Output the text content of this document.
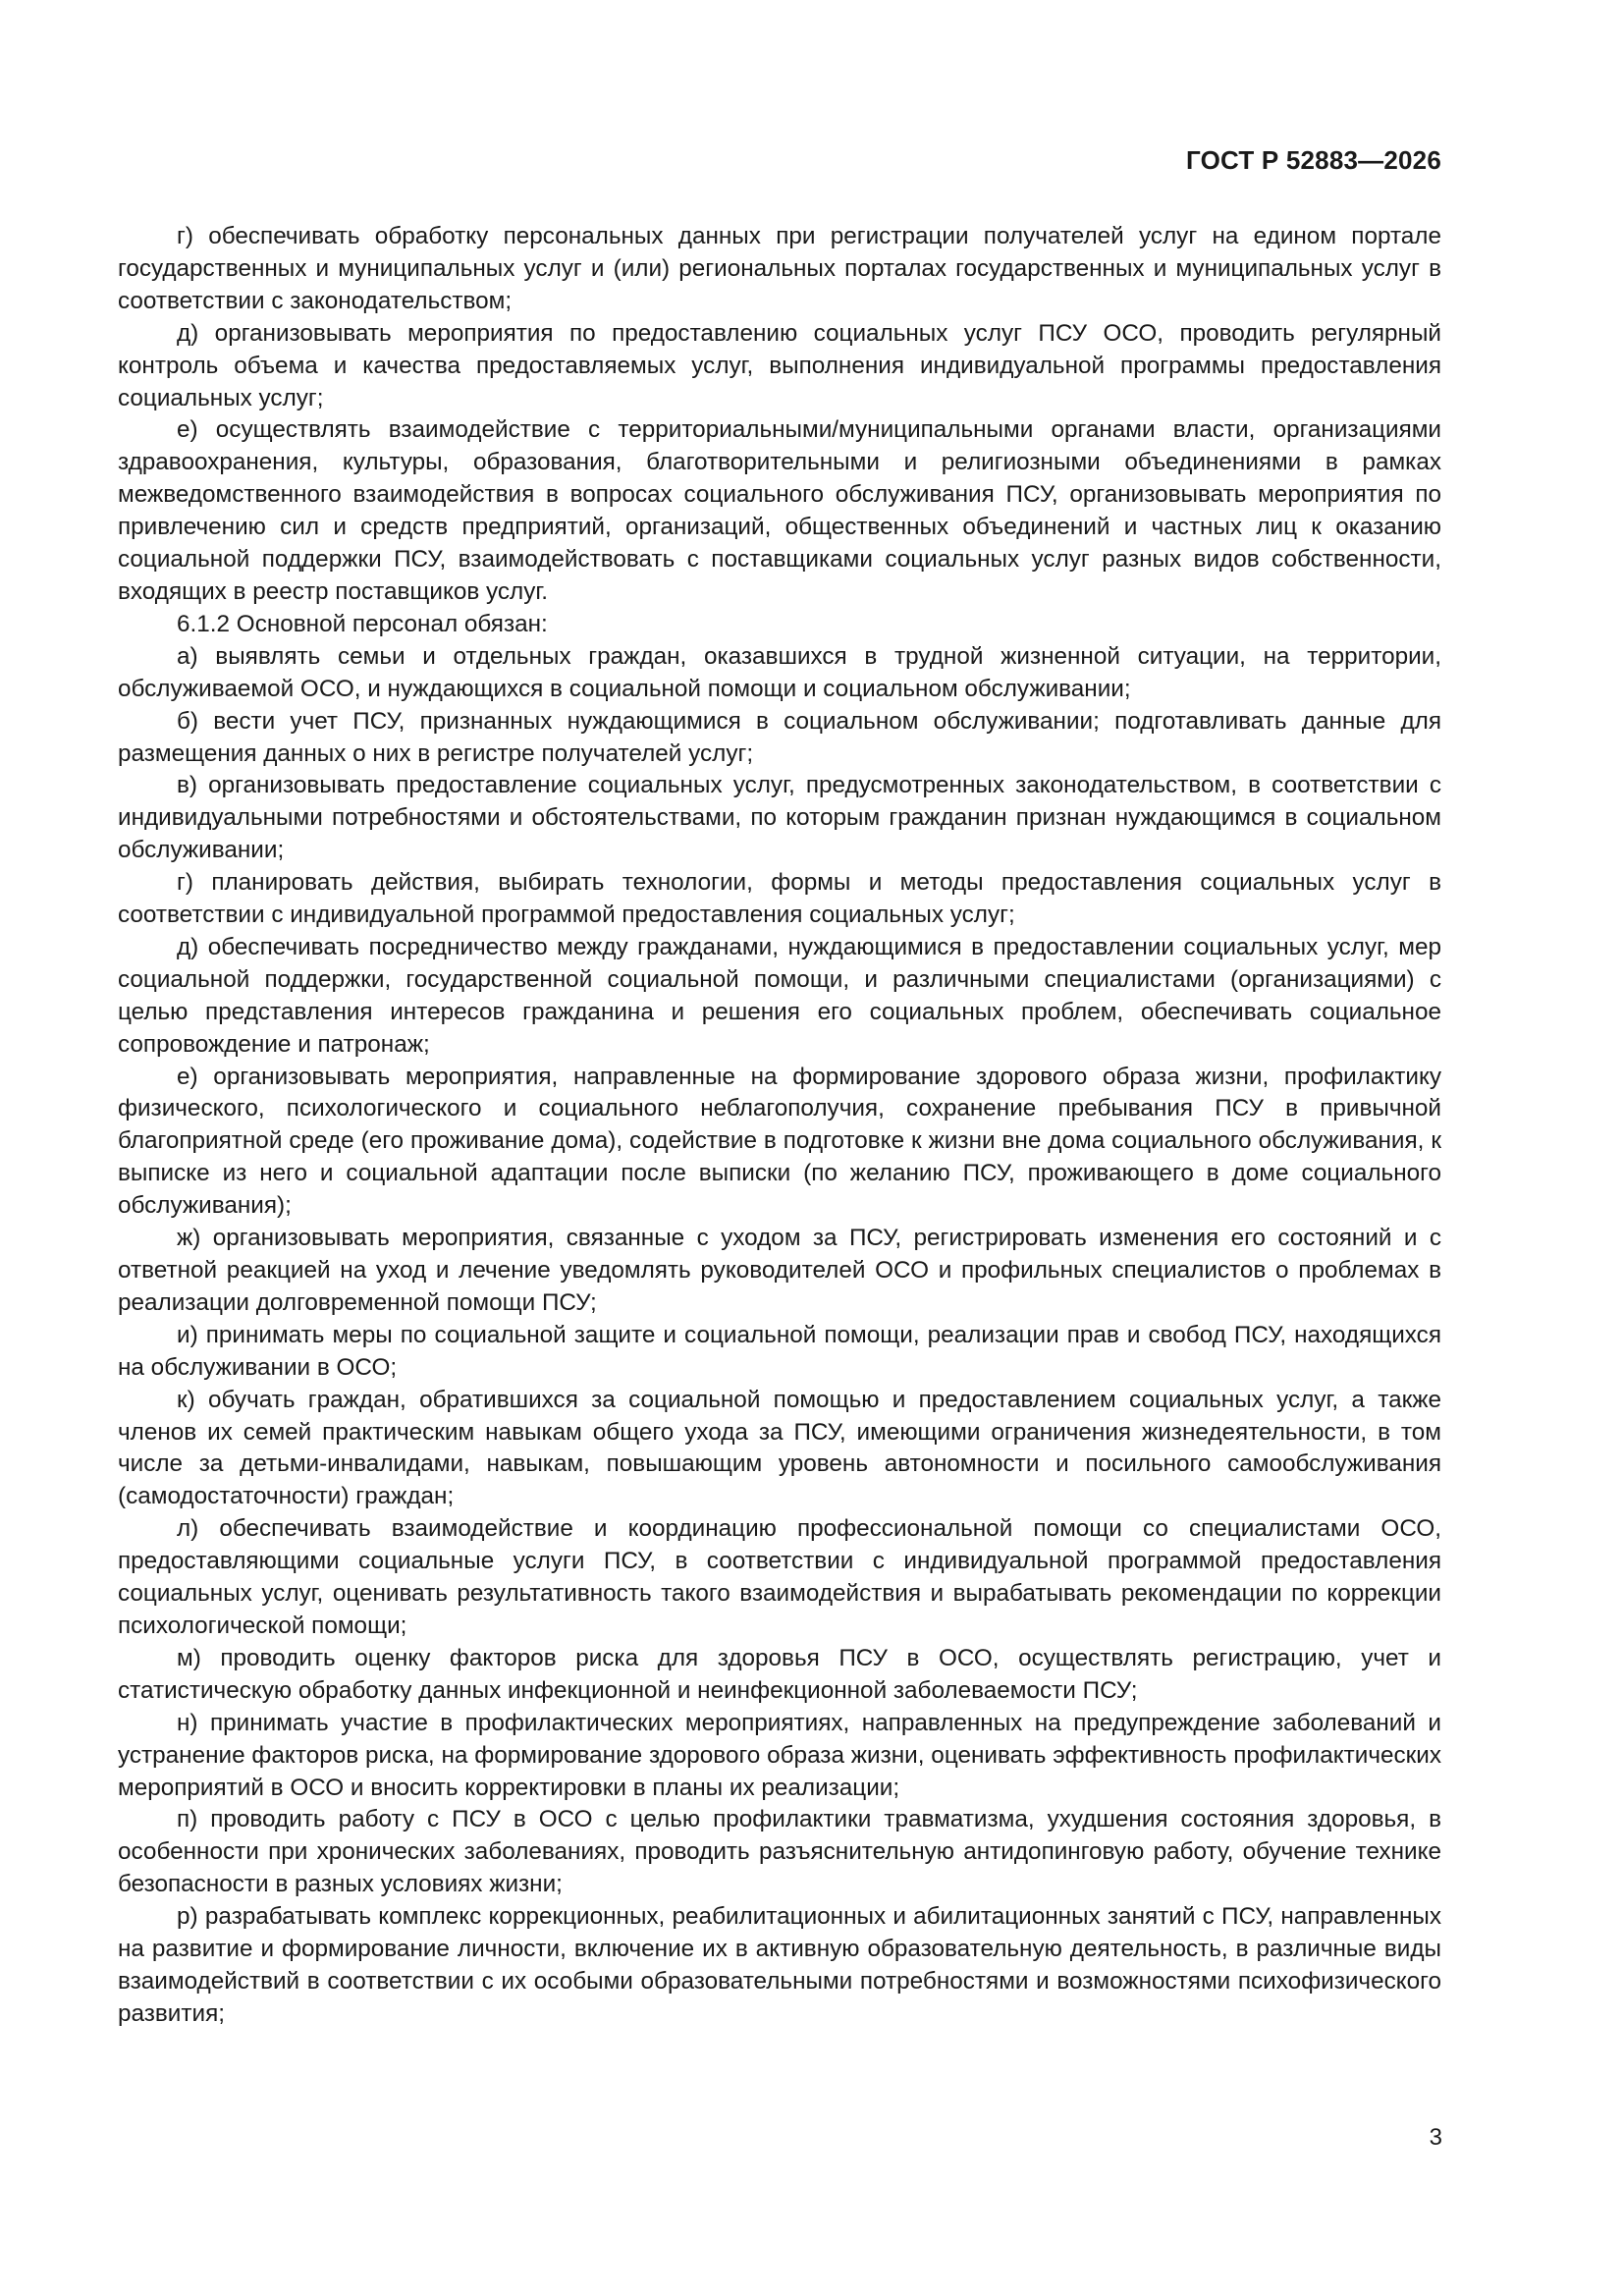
ГОСТ Р 52883—2026

г) обеспечивать обработку персональных данных при регистрации получателей услуг на едином портале государственных и муниципальных услуг и (или) региональных порталах государственных и муниципальных услуг в соответствии с законодательством;

д) организовывать мероприятия по предоставлению социальных услуг ПСУ ОСО, проводить регулярный контроль объема и качества предоставляемых услуг, выполнения индивидуальной программы предоставления социальных услуг;

е) осуществлять взаимодействие с территориальными/муниципальными органами власти, организациями здравоохранения, культуры, образования, благотворительными и религиозными объединениями в рамках межведомственного взаимодействия в вопросах социального обслуживания ПСУ, организовывать мероприятия по привлечению сил и средств предприятий, организаций, общественных объединений и частных лиц к оказанию социальной поддержки ПСУ, взаимодействовать с поставщиками социальных услуг разных видов собственности, входящих в реестр поставщиков услуг.

6.1.2 Основной персонал обязан:

а) выявлять семьи и отдельных граждан, оказавшихся в трудной жизненной ситуации, на территории, обслуживаемой ОСО, и нуждающихся в социальной помощи и социальном обслуживании;

б) вести учет ПСУ, признанных нуждающимися в социальном обслуживании; подготавливать данные для размещения данных о них в регистре получателей услуг;

в) организовывать предоставление социальных услуг, предусмотренных законодательством, в соответствии с индивидуальными потребностями и обстоятельствами, по которым гражданин признан нуждающимся в социальном обслуживании;

г) планировать действия, выбирать технологии, формы и методы предоставления социальных услуг в соответствии с индивидуальной программой предоставления социальных услуг;

д) обеспечивать посредничество между гражданами, нуждающимися в предоставлении социальных услуг, мер социальной поддержки, государственной социальной помощи, и различными специалистами (организациями) с целью представления интересов гражданина и решения его социальных проблем, обеспечивать социальное сопровождение и патронаж;

е) организовывать мероприятия, направленные на формирование здорового образа жизни, профилактику физического, психологического и социального неблагополучия, сохранение пребывания ПСУ в привычной благоприятной среде (его проживание дома), содействие в подготовке к жизни вне дома социального обслуживания, к выписке из него и социальной адаптации после выписки (по желанию ПСУ, проживающего в доме социального обслуживания);

ж) организовывать мероприятия, связанные с уходом за ПСУ, регистрировать изменения его состояний и с ответной реакцией на уход и лечение уведомлять руководителей ОСО и профильных специалистов о проблемах в реализации долговременной помощи ПСУ;

и) принимать меры по социальной защите и социальной помощи, реализации прав и свобод ПСУ, находящихся на обслуживании в ОСО;

к) обучать граждан, обратившихся за социальной помощью и предоставлением социальных услуг, а также членов их семей практическим навыкам общего ухода за ПСУ, имеющими ограничения жизнедеятельности, в том числе за детьми-инвалидами, навыкам, повышающим уровень автономности и посильного самообслуживания (самодостаточности) граждан;

л) обеспечивать взаимодействие и координацию профессиональной помощи со специалистами ОСО, предоставляющими социальные услуги ПСУ, в соответствии с индивидуальной программой предоставления социальных услуг, оценивать результативность такого взаимодействия и вырабатывать рекомендации по коррекции психологической помощи;

м) проводить оценку факторов риска для здоровья ПСУ в ОСО, осуществлять регистрацию, учет и статистическую обработку данных инфекционной и неинфекционной заболеваемости ПСУ;

н) принимать участие в профилактических мероприятиях, направленных на предупреждение заболеваний и устранение факторов риска, на формирование здорового образа жизни, оценивать эффективность профилактических мероприятий в ОСО и вносить корректировки в планы их реализации;

п) проводить работу с ПСУ в ОСО с целью профилактики травматизма, ухудшения состояния здоровья, в особенности при хронических заболеваниях, проводить разъяснительную антидопинговую работу, обучение технике безопасности в разных условиях жизни;

р) разрабатывать комплекс коррекционных, реабилитационных и абилитационных занятий с ПСУ, направленных на развитие и формирование личности, включение их в активную образовательную деятельность, в различные виды взаимодействий в соответствии с их особыми образовательными потребностями и возможностями психофизического развития;

3
